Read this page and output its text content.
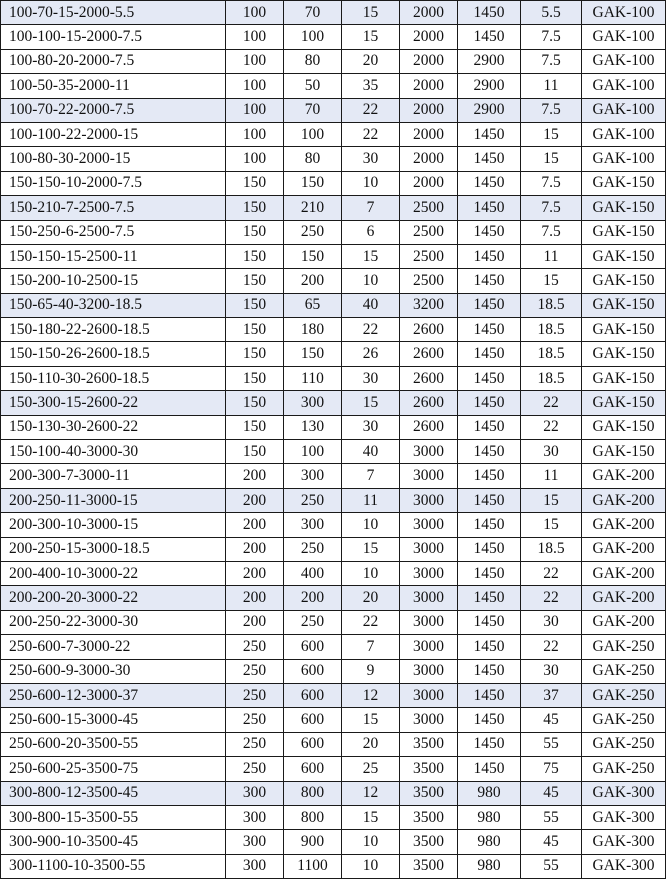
100-70-15-2000-5.5	100	70	15	2000	1450	5.5	GAK-100
100-100-15-2000-7.5	100	100	15	2000	1450	7.5	GAK-100
100-80-20-2000-7.5	100	80	20	2000	2900	7.5	GAK-100
100-50-35-2000-11	100	50	35	2000	2900	11	GAK-100
100-70-22-2000-7.5	100	70	22	2000	2900	7.5	GAK-100
100-100-22-2000-15	100	100	22	2000	1450	15	GAK-100
100-80-30-2000-15	100	80	30	2000	1450	15	GAK-100
150-150-10-2000-7.5	150	150	10	2000	1450	7.5	GAK-150
150-210-7-2500-7.5	150	210	7	2500	1450	7.5	GAK-150
150-250-6-2500-7.5	150	250	6	2500	1450	7.5	GAK-150
150-150-15-2500-11	150	150	15	2500	1450	11	GAK-150
150-200-10-2500-15	150	200	10	2500	1450	15	GAK-150
150-65-40-3200-18.5	150	65	40	3200	1450	18.5	GAK-150
150-180-22-2600-18.5	150	180	22	2600	1450	18.5	GAK-150
150-150-26-2600-18.5	150	150	26	2600	1450	18.5	GAK-150
150-110-30-2600-18.5	150	110	30	2600	1450	18.5	GAK-150
150-300-15-2600-22	150	300	15	2600	1450	22	GAK-150
150-130-30-2600-22	150	130	30	2600	1450	22	GAK-150
150-100-40-3000-30	150	100	40	3000	1450	30	GAK-150
200-300-7-3000-11	200	300	7	3000	1450	11	GAK-200
200-250-11-3000-15	200	250	11	3000	1450	15	GAK-200
200-300-10-3000-15	200	300	10	3000	1450	15	GAK-200
200-250-15-3000-18.5	200	250	15	3000	1450	18.5	GAK-200
200-400-10-3000-22	200	400	10	3000	1450	22	GAK-200
200-200-20-3000-22	200	200	20	3000	1450	22	GAK-200
200-250-22-3000-30	200	250	22	3000	1450	30	GAK-200
250-600-7-3000-22	250	600	7	3000	1450	22	GAK-250
250-600-9-3000-30	250	600	9	3000	1450	30	GAK-250
250-600-12-3000-37	250	600	12	3000	1450	37	GAK-250
250-600-15-3000-45	250	600	15	3000	1450	45	GAK-250
250-600-20-3500-55	250	600	20	3500	1450	55	GAK-250
250-600-25-3500-75	250	600	25	3500	1450	75	GAK-250
300-800-12-3500-45	300	800	12	3500	980	45	GAK-300
300-800-15-3500-55	300	800	15	3500	980	55	GAK-300
300-900-10-3500-45	300	900	10	3500	980	45	GAK-300
300-1100-10-3500-55	300	1100	10	3500	980	55	GAK-300
